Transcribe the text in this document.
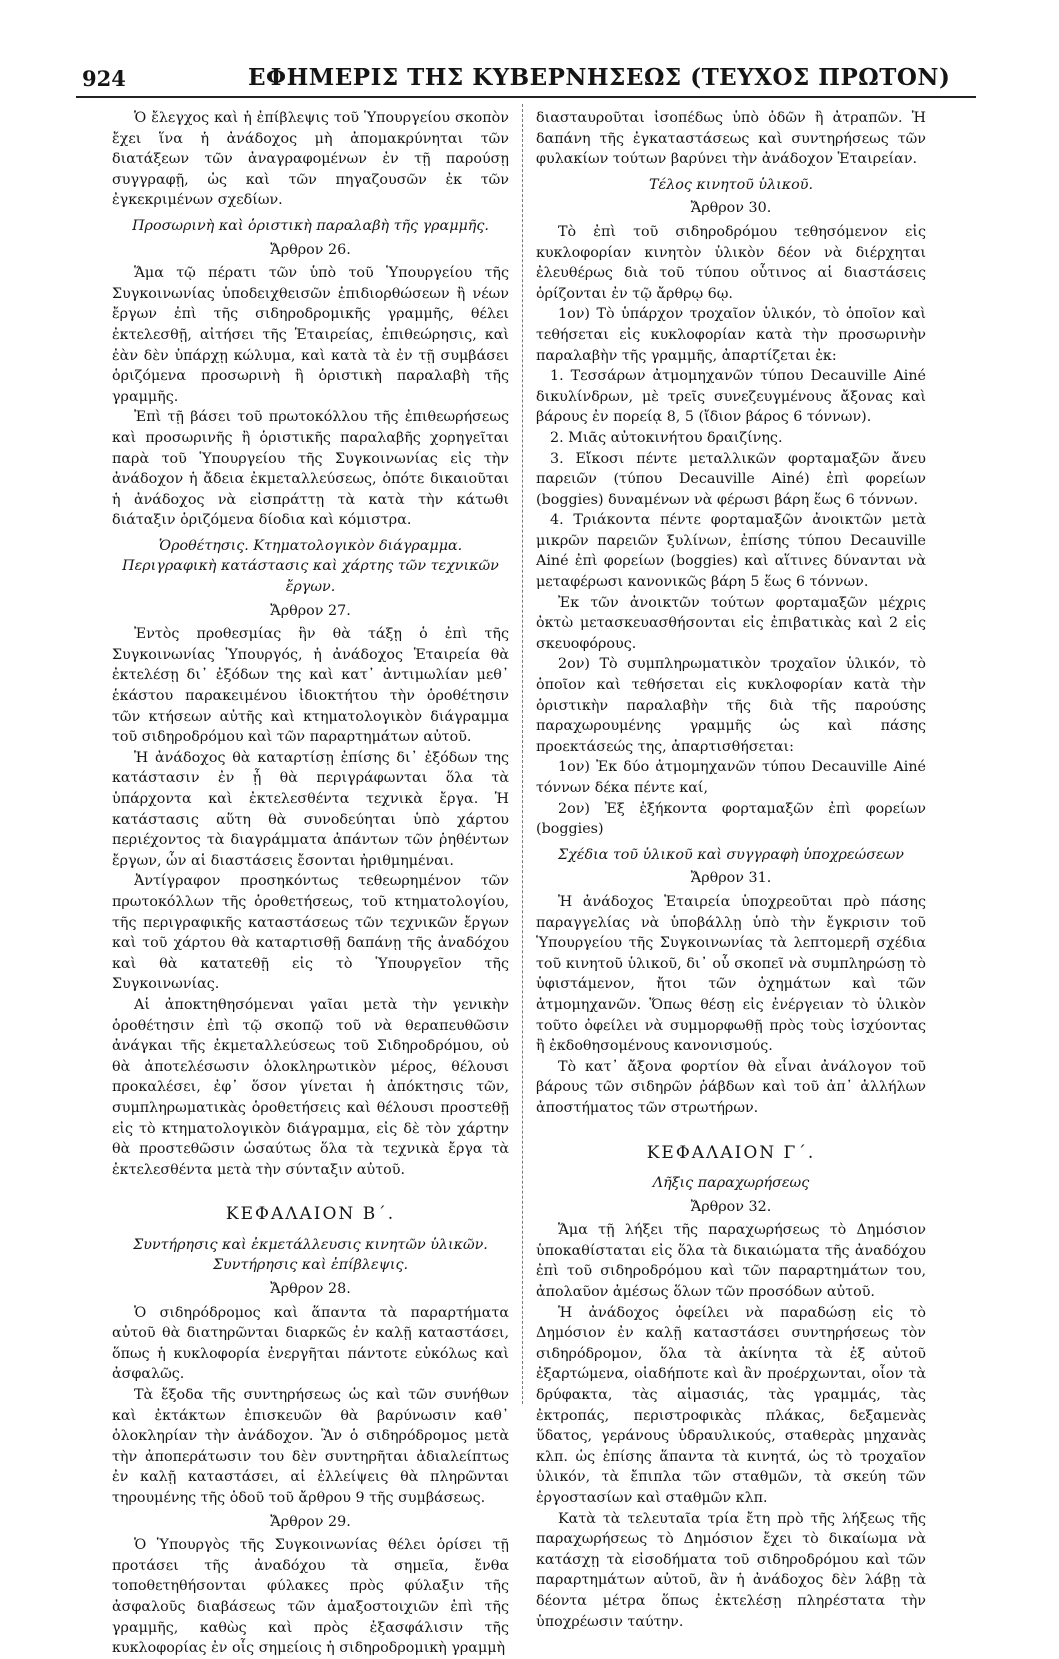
924	ΕΦΗΜΕΡΙΣ ΤΗΣ ΚΥΒΕΡΝΗΣΕΩΣ (ΤΕΥΧΟΣ ΠΡΩΤΟΝ)

Ὁ ἔλεγχος καὶ ἡ ἐπίβλεψις τοῦ Ὑπουργείου σκοπὸν ἔχει ἵνα ἡ ἀνάδοχος μὴ ἀπομακρύνηται τῶν διατάξεων τῶν ἀναγραφομένων ἐν τῇ παρούσῃ συγγραφῇ, ὡς καὶ τῶν πηγαζουσῶν ἐκ τῶν ἐγκεκριμένων σχεδίων.

Προσωρινὴ καὶ ὁριστικὴ παραλαβὴ τῆς γραμμῆς.
Ἄρθρον 26.

Ἅμα τῷ πέρατι τῶν ὑπὸ τοῦ Ὑπουργείου τῆς Συγκοινωνίας ὑποδειχθεισῶν ἐπιδιορθώσεων ἢ νέων ἔργων ἐπὶ τῆς σιδηροδρομικῆς γραμμῆς, θέλει ἐκτελεσθῇ, αἰτήσει τῆς Ἑταιρείας, ἐπιθεώρησις, καὶ ἐὰν δὲν ὑπάρχῃ κώλυμα, καὶ κατὰ τὰ ἐν τῇ συμβάσει ὁριζόμενα προσωρινὴ ἢ ὁριστικὴ παραλαβὴ τῆς γραμμῆς.

Ἐπὶ τῇ βάσει τοῦ πρωτοκόλλου τῆς ἐπιθεωρήσεως καὶ προσωρινῆς ἢ ὁριστικῆς παραλαβῆς χορηγεῖται παρὰ τοῦ Ὑπουργείου τῆς Συγκοινωνίας εἰς τὴν ἀνάδοχον ἡ ἄδεια ἐκμεταλλεύσεως, ὁπότε δικαιοῦται ἡ ἀνάδοχος νὰ εἰσπράττῃ τὰ κατὰ τὴν κάτωθι διάταξιν ὁριζόμενα δίοδια καὶ κόμιστρα.

Ὁροθέτησις. Κτηματολογικὸν διάγραμμα. Περιγραφικὴ κατάστασις καὶ χάρτης τῶν τεχνικῶν ἔργων.
Ἄρθρον 27.

Ἐντὸς προθεσμίας ἣν θὰ τάξῃ ὁ ἐπὶ τῆς Συγκοινωνίας Ὑπουργός, ἡ ἀνάδοχος Ἑταιρεία θὰ ἐκτελέσῃ δι᾽ ἐξόδων της καὶ κατ᾽ ἀντιμωλίαν μεθ᾽ ἑκάστου παρακειμένου ἰδιοκτήτου τὴν ὁροθέτησιν τῶν κτήσεων αὐτῆς καὶ κτηματολογικὸν διάγραμμα τοῦ σιδηροδρόμου καὶ τῶν παραρτημάτων αὐτοῦ.

Ἡ ἀνάδοχος θὰ καταρτίσῃ ἐπίσης δι᾽ ἐξόδων της κατάστασιν ἐν ᾗ θὰ περιγράφωνται ὅλα τὰ ὑπάρχοντα καὶ ἐκτελεσθέντα τεχνικὰ ἔργα. Ἡ κατάστασις αὕτη θὰ συνοδεύηται ὑπὸ χάρτου περιέχοντος τὰ διαγράμματα ἁπάντων τῶν ῥηθέντων ἔργων, ὧν αἱ διαστάσεις ἔσονται ἠριθμημέναι.

Ἀντίγραφον προσηκόντως τεθεωρημένον τῶν πρωτοκόλλων τῆς ὁροθετήσεως, τοῦ κτηματολογίου, τῆς περιγραφικῆς καταστάσεως τῶν τεχνικῶν ἔργων καὶ τοῦ χάρτου θὰ καταρτισθῇ δαπάνῃ τῆς ἀναδόχου καὶ θὰ κατατεθῇ εἰς τὸ Ὑπουργεῖον τῆς Συγκοινωνίας.

Αἱ ἀποκτηθησόμεναι γαῖαι μετὰ τὴν γενικὴν ὁροθέτησιν ἐπὶ τῷ σκοπῷ τοῦ νὰ θεραπευθῶσιν ἀνάγκαι τῆς ἐκμεταλλεύσεως τοῦ Σιδηροδρόμου, οὐ θὰ ἀποτελέσωσιν ὁλοκληρωτικὸν μέρος, θέλουσι προκαλέσει, ἐφ᾽ ὅσον γίνεται ἡ ἀπόκτησις τῶν, συμπληρωματικὰς ὁροθετήσεις καὶ θέλουσι προστεθῇ εἰς τὸ κτηματολογικὸν διάγραμμα, εἰς δὲ τὸν χάρτην θὰ προστεθῶσιν ὡσαύτως ὅλα τὰ τεχνικὰ ἔργα τὰ ἐκτελεσθέντα μετὰ τὴν σύνταξιν αὐτοῦ.

ΚΕΦΑΛΑΙΟΝ Β΄.
Συντήρησις καὶ ἐκμετάλλευσις κινητῶν ὑλικῶν. Συντήρησις καὶ ἐπίβλεψις.
Ἄρθρον 28.

Ὁ σιδηρόδρομος καὶ ἅπαντα τὰ παραρτήματα αὐτοῦ θὰ διατηρῶνται διαρκῶς ἐν καλῇ καταστάσει, ὅπως ἡ κυκλοφορία ἐνεργῆται πάντοτε εὐκόλως καὶ ἀσφαλῶς.

Τὰ ἔξοδα τῆς συντηρήσεως ὡς καὶ τῶν συνήθων καὶ ἐκτάκτων ἐπισκευῶν θὰ βαρύνωσιν καθ᾽ ὁλοκληρίαν τὴν ἀνάδοχον. Ἂν ὁ σιδηρόδρομος μετὰ τὴν ἀποπεράτωσιν του δὲν συντηρῆται ἀδιαλείπτως ἐν καλῇ καταστάσει, αἱ ἐλλείψεις θὰ πληρῶνται τηρουμένης τῆς ὁδοῦ τοῦ ἄρθρου 9 τῆς συμβάσεως.

Ἄρθρον 29.

Ὁ Ὑπουργὸς τῆς Συγκοινωνίας θέλει ὁρίσει τῇ προτάσει τῆς ἀναδόχου τὰ σημεῖα, ἔνθα τοποθετηθήσονται φύλακες πρὸς φύλαξιν τῆς ἀσφαλοῦς διαβάσεως τῶν ἁμαξοστοιχιῶν ἐπὶ τῆς γραμμῆς, καθὼς καὶ πρὸς ἐξασφάλισιν τῆς κυκλοφορίας ἐν οἷς σημείοις ἡ σιδηροδρομικὴ γραμμὴ

διασταυροῦται ἰσοπέδως ὑπὸ ὁδῶν ἢ ἀτραπῶν. Ἡ δαπάνη τῆς ἐγκαταστάσεως καὶ συντηρήσεως τῶν φυλακίων τούτων βαρύνει τὴν ἀνάδοχον Ἑταιρείαν.

Τέλος κινητοῦ ὑλικοῦ.
Ἄρθρον 30.

Τὸ ἐπὶ τοῦ σιδηροδρόμου τεθησόμενον εἰς κυκλοφορίαν κινητὸν ὑλικὸν δέον νὰ διέρχηται ἐλευθέρως διὰ τοῦ τύπου οὗτινος αἱ διαστάσεις ὁρίζονται ἐν τῷ ἄρθρῳ 6ῳ.

1ον) Τὸ ὑπάρχον τροχαῖον ὑλικόν, τὸ ὁποῖον καὶ τεθήσεται εἰς κυκλοφορίαν κατὰ τὴν προσωρινὴν παραλαβὴν τῆς γραμμῆς, ἀπαρτίζεται ἐκ:

1. Τεσσάρων ἀτμομηχανῶν τύπου Decauville Ainé δικυλίνδρων, μὲ τρεῖς συνεζευγμένους ἄξονας καὶ βάρους ἐν πορείᾳ 8, 5 (ἴδιον βάρος 6 τόννων).

2. Μιᾶς αὐτοκινήτου δραιζίνης.

3. Εἴκοσι πέντε μεταλλικῶν φορταμαξῶν ἄνευ παρειῶν (τύπου Decauville Ainé) ἐπὶ φορείων (boggies) δυναμένων νὰ φέρωσι βάρη ἕως 6 τόννων.

4. Τριάκοντα πέντε φορταμαξῶν ἀνοικτῶν μετὰ μικρῶν παρειῶν ξυλίνων, ἐπίσης τύπου Decauville Ainé ἐπὶ φορείων (boggies) καὶ αἵτινες δύνανται νὰ μεταφέρωσι κανονικῶς βάρη 5 ἕως 6 τόννων.

Ἐκ τῶν ἀνοικτῶν τούτων φορταμαξῶν μέχρις ὀκτὼ μετασκευασθήσονται εἰς ἐπιβατικὰς καὶ 2 εἰς σκευοφόρους.

2ον) Τὸ συμπληρωματικὸν τροχαῖον ὑλικόν, τὸ ὁποῖον καὶ τεθήσεται εἰς κυκλοφορίαν κατὰ τὴν ὁριστικὴν παραλαβὴν τῆς διὰ τῆς παρούσης παραχωρουμένης γραμμῆς ὡς καὶ πάσης προεκτάσεώς της, ἀπαρτισθήσεται:

1ον) Ἐκ δύο ἀτμομηχανῶν τύπου Decauville Ainé τόννων δέκα πέντε καί,

2ον) Ἐξ ἑξήκοντα φορταμαξῶν ἐπὶ φορείων (boggies)

Σχέδια τοῦ ὑλικοῦ καὶ συγγραφὴ ὑποχρεώσεων
Ἄρθρον 31.

Ἡ ἀνάδοχος Ἑταιρεία ὑποχρεοῦται πρὸ πάσης παραγγελίας νὰ ὑποβάλλῃ ὑπὸ τὴν ἔγκρισιν τοῦ Ὑπουργείου τῆς Συγκοινωνίας τὰ λεπτομερῆ σχέδια τοῦ κινητοῦ ὑλικοῦ, δι᾽ οὗ σκοπεῖ νὰ συμπληρώσῃ τὸ ὑφιστάμενον, ἤτοι τῶν ὀχημάτων καὶ τῶν ἀτμομηχανῶν. Ὅπως θέσῃ εἰς ἐνέργειαν τὸ ὑλικὸν τοῦτο ὀφείλει νὰ συμμορφωθῇ πρὸς τοὺς ἰσχύοντας ἢ ἐκδοθησομένους κανονισμούς.

Τὸ κατ᾽ ἄξονα φορτίον θὰ εἶναι ἀνάλογον τοῦ βάρους τῶν σιδηρῶν ῥάβδων καὶ τοῦ ἀπ᾽ ἀλλήλων ἀποστήματος τῶν στρωτήρων.

ΚΕΦΑΛΑΙΟΝ Γ΄.
Λῆξις παραχωρήσεως
Ἄρθρον 32.

Ἅμα τῇ λήξει τῆς παραχωρήσεως τὸ Δημόσιον ὑποκαθίσταται εἰς ὅλα τὰ δικαιώματα τῆς ἀναδόχου ἐπὶ τοῦ σιδηροδρόμου καὶ τῶν παραρτημάτων του, ἀπολαῦον ἀμέσως ὅλων τῶν προσόδων αὐτοῦ.

Ἡ ἀνάδοχος ὀφείλει νὰ παραδώσῃ εἰς τὸ Δημόσιον ἐν καλῇ καταστάσει συντηρήσεως τὸν σιδηρόδρομον, ὅλα τὰ ἀκίνητα τὰ ἐξ αὐτοῦ ἐξαρτώμενα, οἱαδήποτε καὶ ἂν προέρχωνται, οἷον τὰ δρύφακτα, τὰς αἱμασιάς, τὰς γραμμάς, τὰς ἐκτροπάς, περιστροφικὰς πλάκας, δεξαμενὰς ὕδατος, γεράνους ὑδραυλικούς, σταθερὰς μηχανὰς κλπ. ὡς ἐπίσης ἅπαντα τὰ κινητά, ὡς τὸ τροχαῖον ὑλικόν, τὰ ἔπιπλα τῶν σταθμῶν, τὰ σκεύη τῶν ἐργοστασίων καὶ σταθμῶν κλπ.

Κατὰ τὰ τελευταῖα τρία ἔτη πρὸ τῆς λήξεως τῆς παραχωρήσεως τὸ Δημόσιον ἔχει τὸ δικαίωμα νὰ κατάσχῃ τὰ εἰσοδήματα τοῦ σιδηροδρόμου καὶ τῶν παραρτημάτων αὐτοῦ, ἂν ἡ ἀνάδοχος δὲν λάβῃ τὰ δέοντα μέτρα ὅπως ἐκτελέσῃ πληρέστατα τὴν ὑποχρέωσιν ταύτην.
